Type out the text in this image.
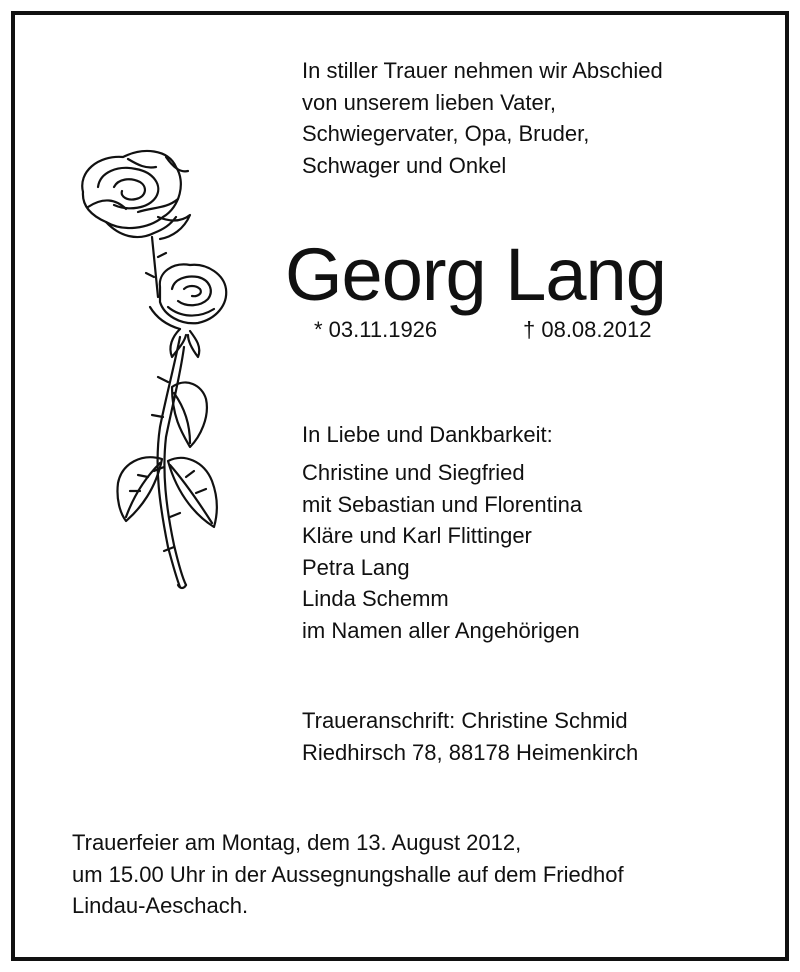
In stiller Trauer nehmen wir Abschied
von unserem lieben Vater,
Schwiegervater, Opa, Bruder,
Schwager und Onkel
Georg Lang
* 03.11.1926	† 08.08.2012
In Liebe und Dankbarkeit:
Christine und Siegfried
mit Sebastian und Florentina
Kläre und Karl Flittinger
Petra Lang
Linda Schemm
im Namen aller Angehörigen
Traueranschrift: Christine Schmid
Riedhirsch 78, 88178 Heimenkirch
Trauerfeier am Montag, dem 13. August 2012,
um 15.00 Uhr in der Aussegnungshalle auf dem Friedhof
Lindau-Aeschach.
